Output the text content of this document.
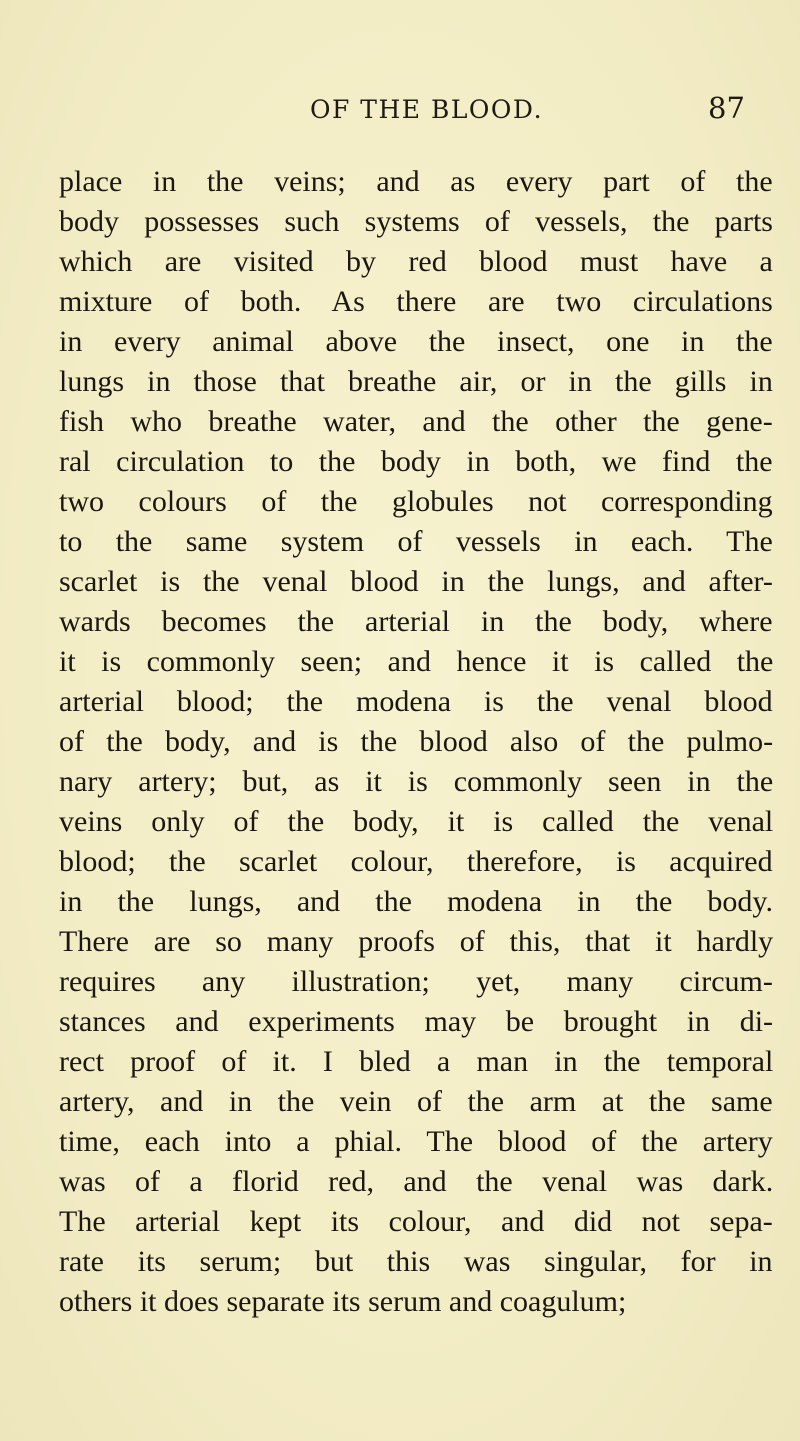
OF THE BLOOD.	87
place in the veins; and as every part of the
body possesses such systems of vessels, the parts
which are visited by red blood must have a
mixture of both. As there are two circulations
in every animal above the insect, one in the
lungs in those that breathe air, or in the gills in
fish who breathe water, and the other the gene-
ral circulation to the body in both, we find the
two colours of the globules not corresponding
to the same system of vessels in each. The
scarlet is the venal blood in the lungs, and after-
wards becomes the arterial in the body, where
it is commonly seen; and hence it is called the
arterial blood; the modena is the venal blood
of the body, and is the blood also of the pulmo-
nary artery; but, as it is commonly seen in the
veins only of the body, it is called the venal
blood; the scarlet colour, therefore, is acquired
in the lungs, and the modena in the body.
There are so many proofs of this, that it hardly
requires any illustration; yet, many circum-
stances and experiments may be brought in di-
rect proof of it. I bled a man in the temporal
artery, and in the vein of the arm at the same
time, each into a phial. The blood of the artery
was of a florid red, and the venal was dark.
The arterial kept its colour, and did not sepa-
rate its serum; but this was singular, for in
others it does separate its serum and coagulum;
